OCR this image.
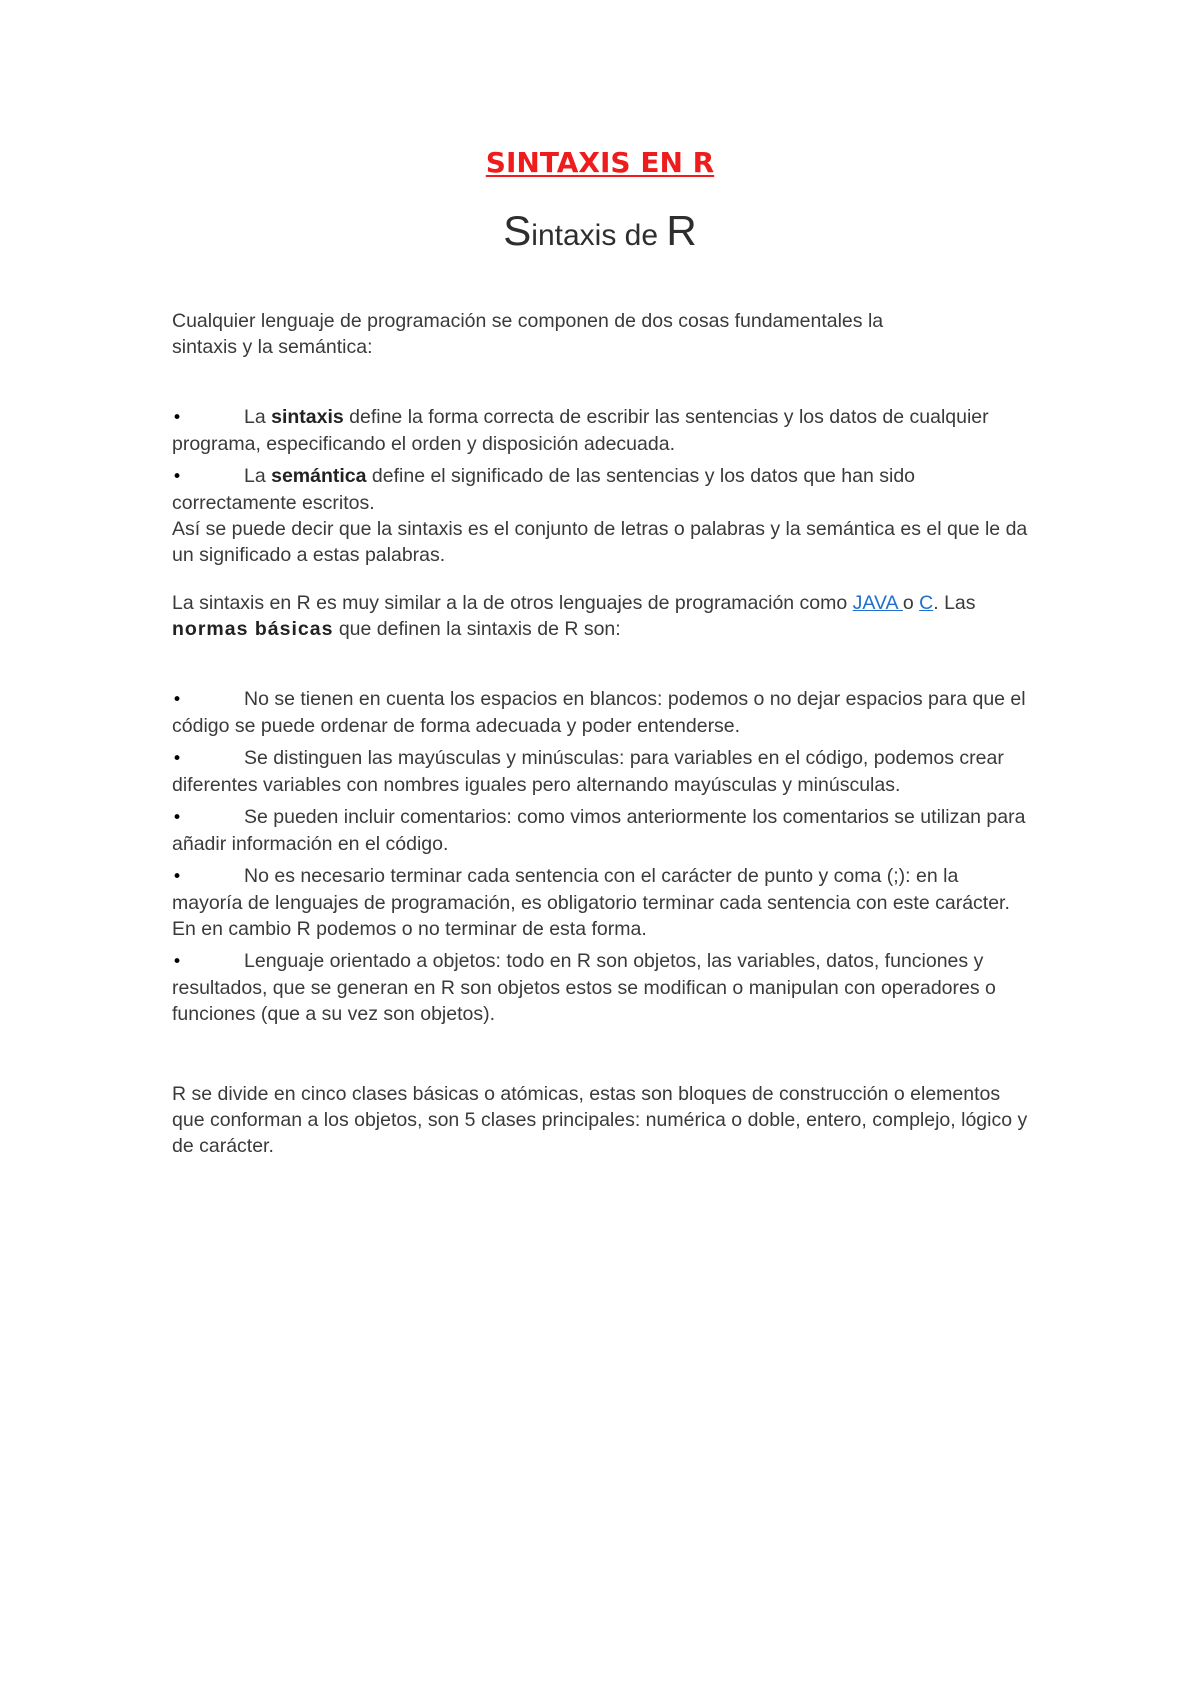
SINTAXIS EN R
Sintaxis de R

Cualquier lenguaje de programación se componen de dos cosas fundamentales la
sintaxis y la semántica:

•	La sintaxis define la forma correcta de escribir las sentencias y los datos de cualquier programa, especificando el orden y disposición adecuada.

•	La semántica define el significado de las sentencias y los datos que han sido correctamente escritos.

Así se puede decir que la sintaxis es el conjunto de letras o palabras y la semántica es el que le da un significado a estas palabras.

La sintaxis en R es muy similar a la de otros lenguajes de programación como JAVA o C. Las normas básicas que definen la sintaxis de R son:

•	No se tienen en cuenta los espacios en blancos: podemos o no dejar espacios para que el código se puede ordenar de forma adecuada y poder entenderse.

•	Se distinguen las mayúsculas y minúsculas: para variables en el código, podemos crear diferentes variables con nombres iguales pero alternando mayúsculas y minúsculas.

•	Se pueden incluir comentarios: como vimos anteriormente los comentarios se utilizan para añadir información en el código.

•	No es necesario terminar cada sentencia con el carácter de punto y coma (;): en la mayoría de lenguajes de programación, es obligatorio terminar cada sentencia con este carácter. En en cambio R podemos o no terminar de esta forma.

•	Lenguaje orientado a objetos: todo en R son objetos, las variables, datos, funciones y resultados, que se generan en R son objetos estos se modifican o manipulan con operadores o funciones (que a su vez son objetos).

R se divide en cinco clases básicas o atómicas, estas son bloques de construcción o elementos que conforman a los objetos, son 5 clases principales: numérica o doble, entero, complejo, lógico y de carácter.
